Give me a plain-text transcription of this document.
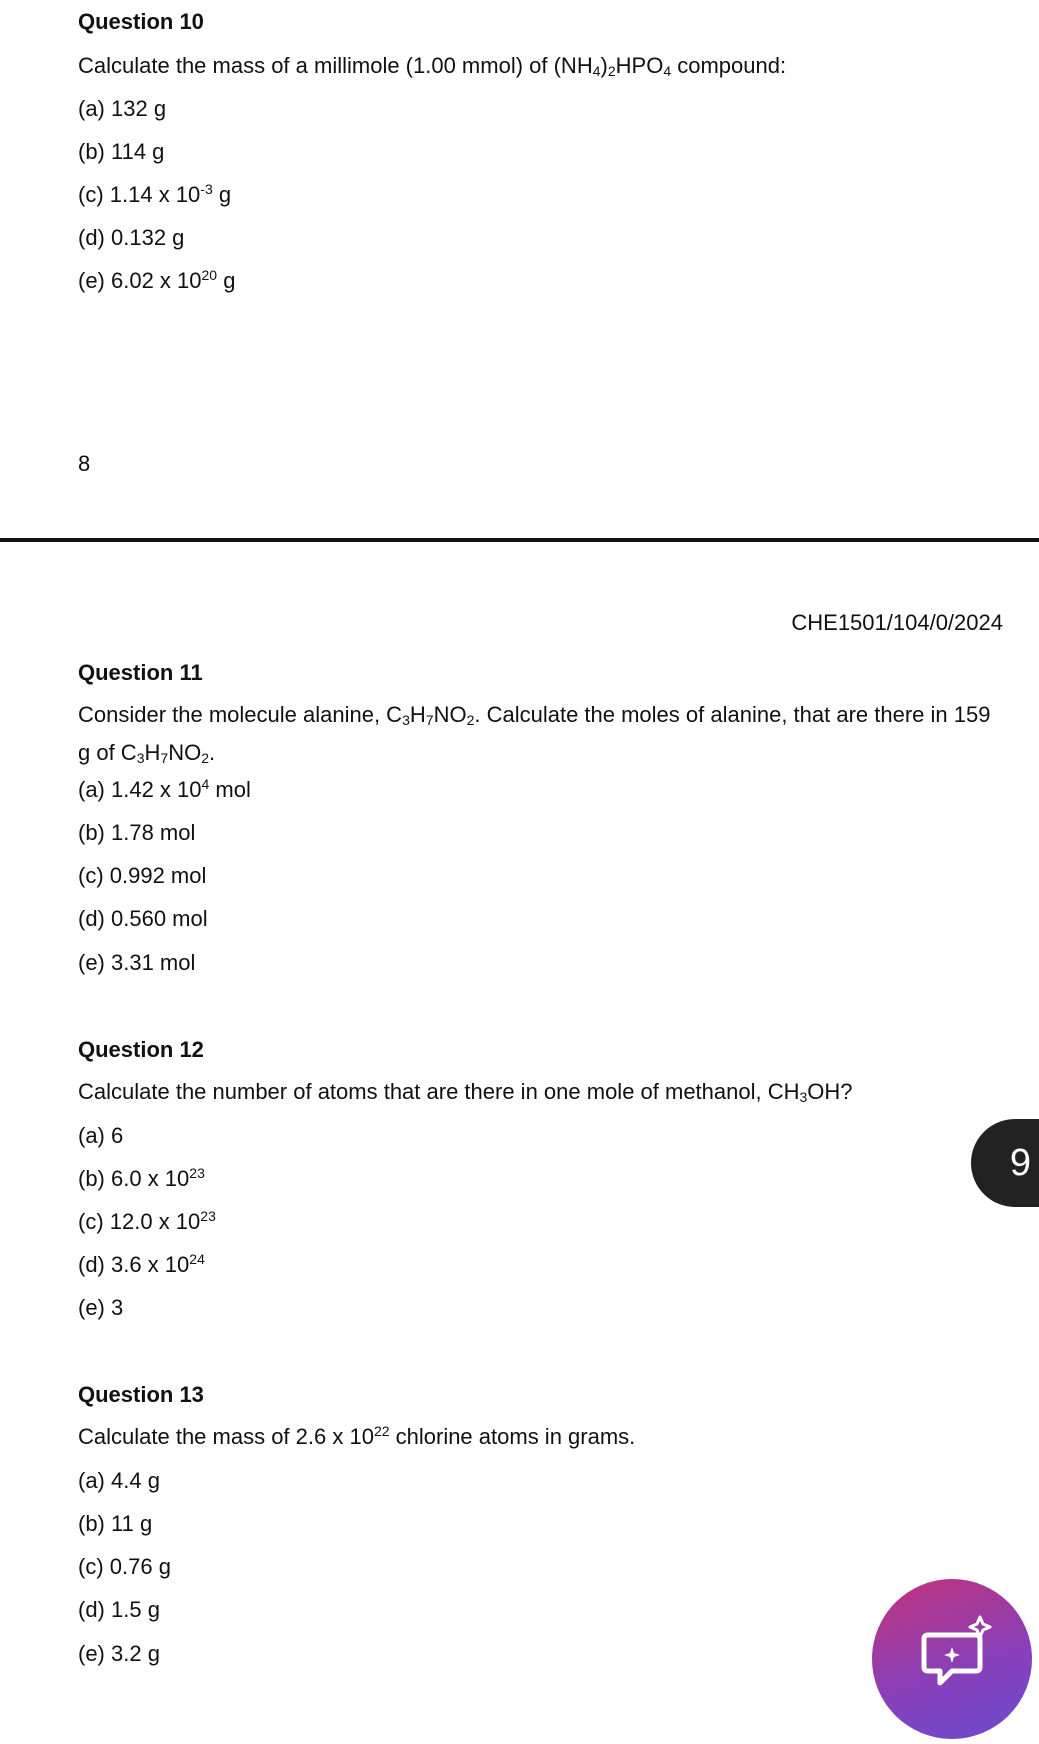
Question 10
Calculate the mass of a millimole (1.00 mmol) of $(NH_4)_2HPO_4$ compound:
(a) 132 g
(b) 114 g
(c) 1.14 x $10^{-3}$ g
(d) 0.132 g
(e) 6.02 x $10^{20}$ g
8
CHE1501/104/0/2024
Question 11
Consider the molecule alanine, $C_3H_7NO_2$. Calculate the moles of alanine, that are there in 159 g of $C_3H_7NO_2$.
(a) 1.42 x $10^4$ mol
(b) 1.78 mol
(c) 0.992 mol
(d) 0.560 mol
(e) 3.31 mol
Question 12
Calculate the number of atoms that are there in one mole of methanol, $CH_3OH$?
(a) 6
(b) 6.0 x $10^{23}$
(c) 12.0 x $10^{23}$
(d) 3.6 x $10^{24}$
(e) 3
9
Question 13
Calculate the mass of 2.6 x $10^{22}$ chlorine atoms in grams.
(a) 4.4 g
(b) 11 g
(c) 0.76 g
(d) 1.5 g
(e) 3.2 g
